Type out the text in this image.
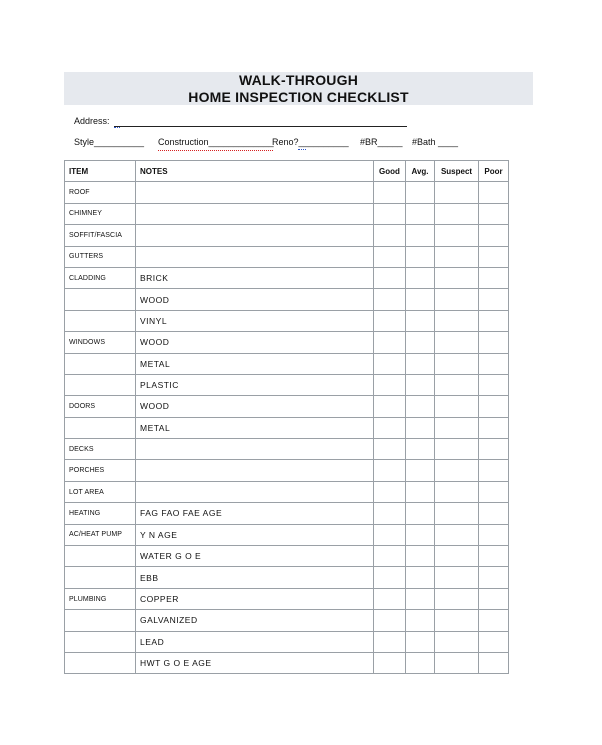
WALK-THROUGH
HOME INSPECTION CHECKLIST
Address:
Style__________ Construction_____________
Reno?__________ #BR_____ #Bath ____
ITEM	NOTES	Good	Avg.	Suspect	Poor
ROOF					
CHIMNEY					
SOFFIT/FASCIA					
GUTTERS					
CLADDING	BRICK				
	WOOD				
	VINYL				
WINDOWS	WOOD				
	METAL				
	PLASTIC				
DOORS	WOOD				
	METAL				
DECKS					
PORCHES					
LOT AREA					
HEATING	FAG FAO FAE AGE				
AC/HEAT PUMP	Y N AGE				
	WATER G O E				
	EBB				
PLUMBING	COPPER				
	GALVANIZED				
	LEAD				
	HWT G O E AGE				
